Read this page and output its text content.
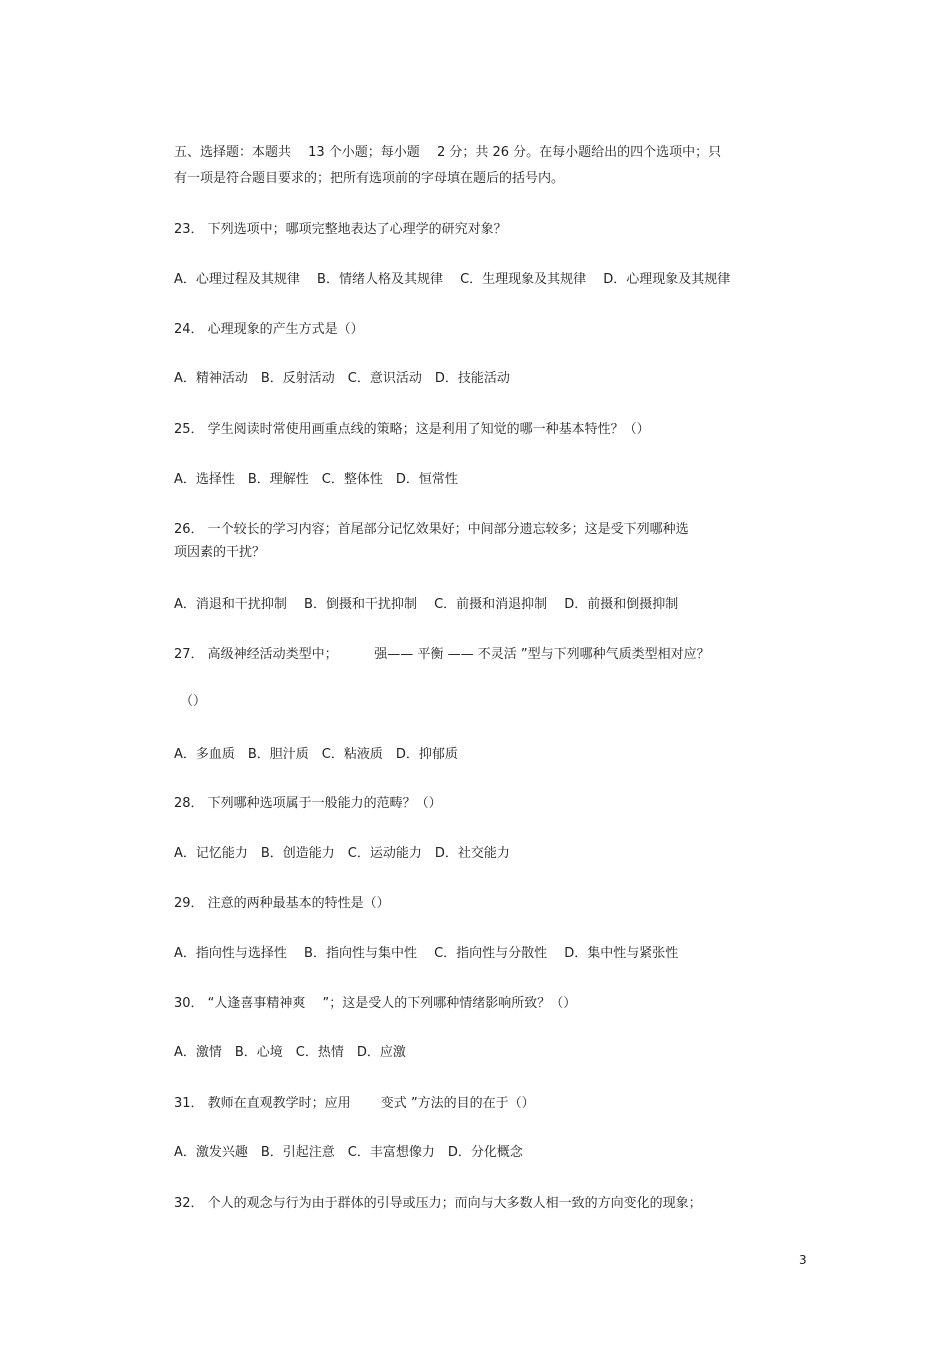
五、选择题：本题共　 13 个小题；每小题　 2 分；共 26 分。在每小题给出的四个选项中；只

有一项是符合题目要求的；把所有选项前的字母填在题后的括号内。

23． 下列选项中；哪项完整地表达了心理学的研究对象？

A．心理过程及其规律　 B．情绪人格及其规律　 C．生理现象及其规律　 D．心理现象及其规律

24． 心理现象的产生方式是（）

A．精神活动　B．反射活动　C．意识活动　D．技能活动

25． 学生阅读时常使用画重点线的策略；这是利用了知觉的哪一种基本特性？（）

A．选择性　B．理解性　C．整体性　D．恒常性

26． 一个较长的学习内容；首尾部分记忆效果好；中间部分遗忘较多；这是受下列哪种选

项因素的干扰？

A．消退和干扰抑制　 B．倒摄和干扰抑制　 C．前摄和消退抑制　 D．前摄和倒摄抑制

27． 高级神经活动类型中；　　　 强—— 平衡 —— 不灵活 ”型与下列哪种气质类型相对应？

（）

A．多血质　B．胆汁质　C．粘液质　D．抑郁质

28． 下列哪种选项属于一般能力的范畴？（）

A．记忆能力　B．创造能力　C．运动能力　D．社交能力

29． 注意的两种最基本的特性是（）

A．指向性与选择性　 B．指向性与集中性　 C．指向性与分散性　 D．集中性与紧张性

30． “人逢喜事精神爽　 ”；这是受人的下列哪种情绪影响所致？（）

A．激情　B．心境　C．热情　D．应激

31． 教师在直观教学时；应用　　 变式 ”方法的目的在于（）

A．激发兴趣　B．引起注意　C．丰富想像力　D．分化概念

32． 个人的观念与行为由于群体的引导或压力；而向与大多数人相一致的方向变化的现象；

3
